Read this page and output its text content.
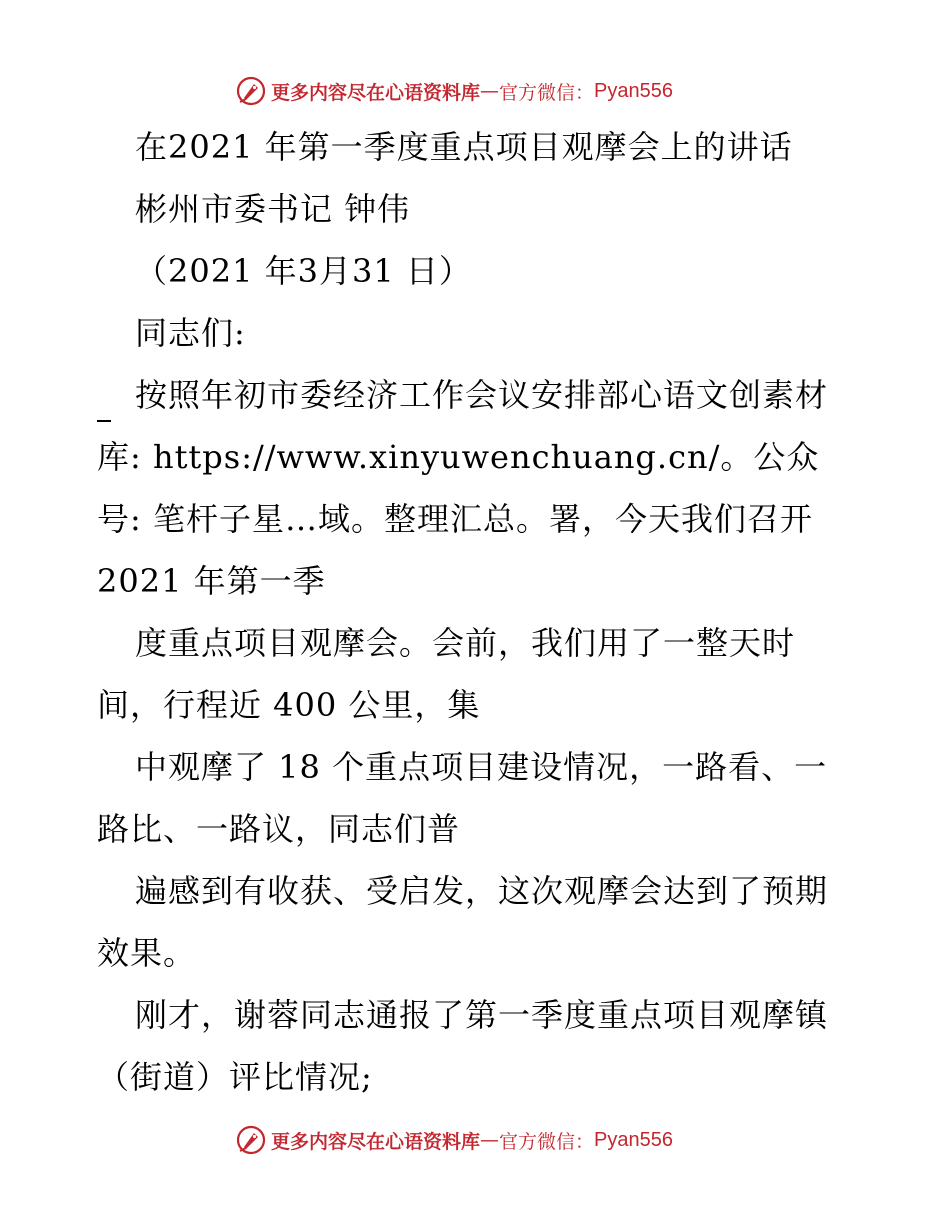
更多内容尽在心语资料库 — 官方微信： Pyan556
在2021 年第一季度重点项目观摩会上的讲话
彬州市委书记 钟伟
（2021 年3月31 日）
同志们:
按照年初市委经济工作会议安排部心语文创素材
库: https://www.xinyuwenchuang.cn/。公众
号: 笔杆子星…域。整理汇总。署，今天我们召开
2021 年第一季
度重点项目观摩会。会前，我们用了一整天时
间，行程近 400 公里，集
中观摩了 18 个重点项目建设情况，一路看、一
路比、一路议，同志们普
遍感到有收获、受启发，这次观摩会达到了预期
效果。
刚才，谢蓉同志通报了第一季度重点项目观摩镇
（街道）评比情况;
更多内容尽在心语资料库 — 官方微信： Pyan556
